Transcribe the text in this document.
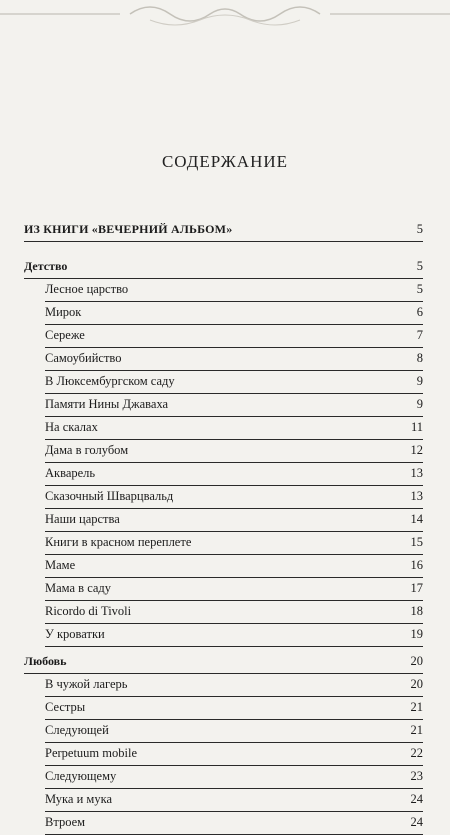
СОДЕРЖАНИЕ
ИЗ КНИГИ «ВЕЧЕРНИЙ АЛЬБОМ»	5
Детство	5
Лесное царство	5
Мирок	6
Сереже	7
Самоубийство	8
В Люксембургском саду	9
Памяти Нины Джаваха	9
На скалах	11
Дама в голубом	12
Акварель	13
Сказочный Шварцвальд	13
Наши царства	14
Книги в красном переплете	15
Маме	16
Мама в саду	17
Ricordo di Tivoli	18
У кроватки	19
Любовь	20
В чужой лагерь	20
Сестры	21
Следующей	21
Perpetuum mobile	22
Следующему	23
Мука и мука	24
Втроем	24
